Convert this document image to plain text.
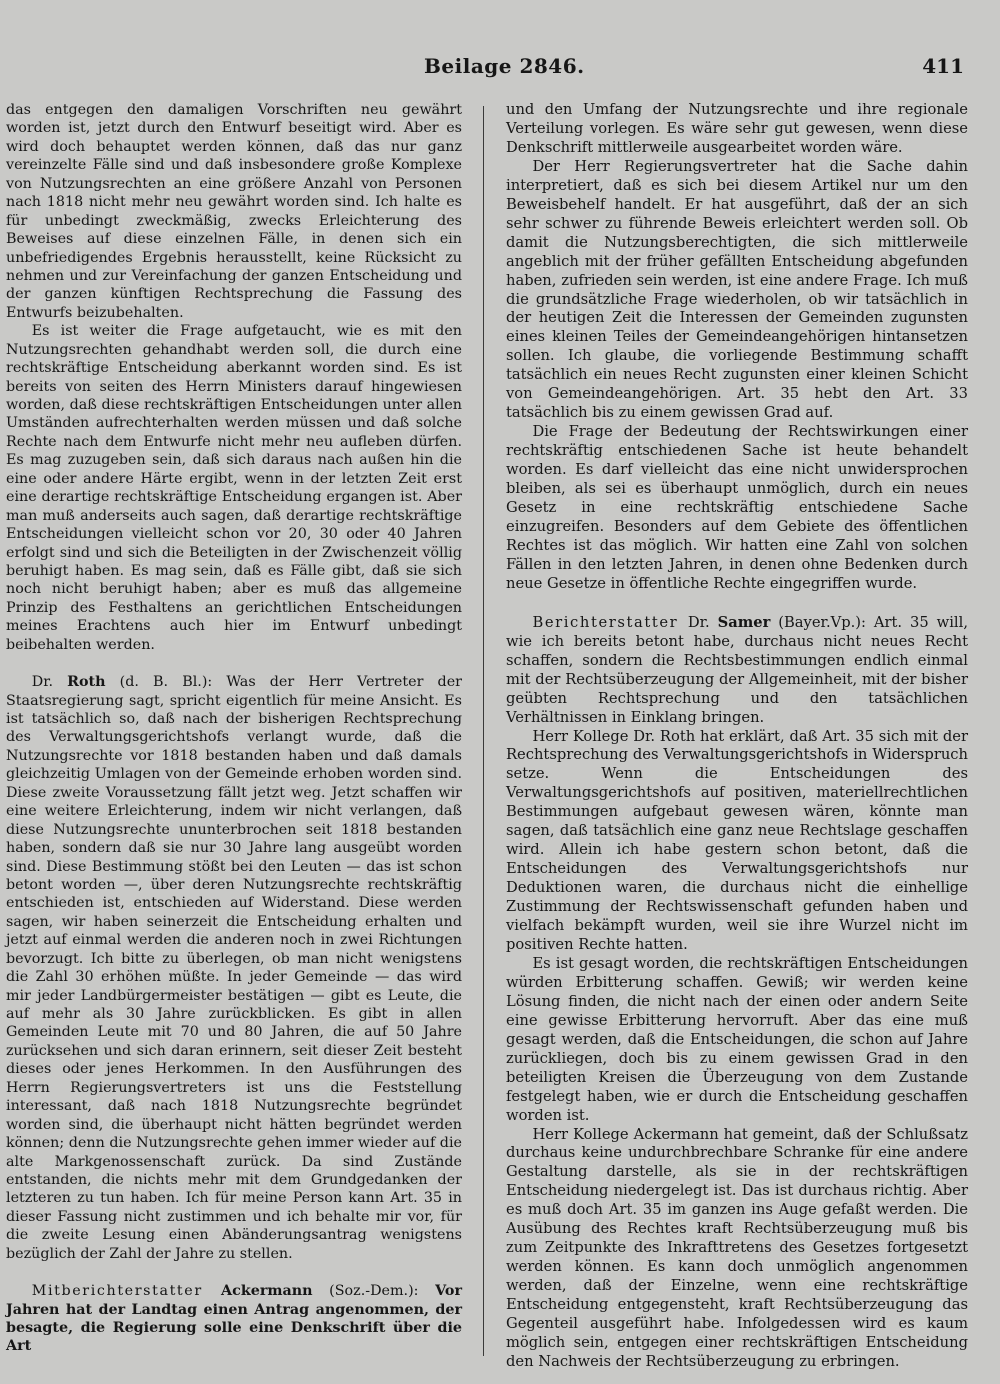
Beilage 2846.	411

das entgegen den damaligen Vorschriften neu gewährt worden ist, jetzt durch den Entwurf beseitigt wird. Aber es wird doch behauptet werden können, daß das nur ganz vereinzelte Fälle sind und daß insbesondere große Komplexe von Nutzungsrechten an eine größere Anzahl von Personen nach 1818 nicht mehr neu gewährt worden sind. Ich halte es für unbedingt zweckmäßig, zwecks Erleichterung des Beweises auf diese einzelnen Fälle, in denen sich ein unbefriedigendes Ergebnis herausstellt, keine Rücksicht zu nehmen und zur Vereinfachung der ganzen Entscheidung und der ganzen künftigen Rechtsprechung die Fassung des Entwurfs beizubehalten.

Es ist weiter die Frage aufgetaucht, wie es mit den Nutzungsrechten gehandhabt werden soll, die durch eine rechtskräftige Entscheidung aberkannt worden sind. Es ist bereits von seiten des Herrn Ministers darauf hingewiesen worden, daß diese rechtskräftigen Entscheidungen unter allen Umständen aufrechterhalten werden müssen und daß solche Rechte nach dem Entwurfe nicht mehr neu aufleben dürfen. Es mag zuzugeben sein, daß sich daraus nach außen hin die eine oder andere Härte ergibt, wenn in der letzten Zeit erst eine derartige rechtskräftige Entscheidung ergangen ist. Aber man muß anderseits auch sagen, daß derartige rechtskräftige Entscheidungen vielleicht schon vor 20, 30 oder 40 Jahren erfolgt sind und sich die Beteiligten in der Zwischenzeit völlig beruhigt haben. Es mag sein, daß es Fälle gibt, daß sie sich noch nicht beruhigt haben; aber es muß das allgemeine Prinzip des Festhaltens an gerichtlichen Entscheidungen meines Erachtens auch hier im Entwurf unbedingt beibehalten werden.

Dr. Roth (d. B. Bl.): Was der Herr Vertreter der Staatsregierung sagt, spricht eigentlich für meine Ansicht. Es ist tatsächlich so, daß nach der bisherigen Rechtsprechung des Verwaltungsgerichtshofs verlangt wurde, daß die Nutzungsrechte vor 1818 bestanden haben und daß damals gleichzeitig Umlagen von der Gemeinde erhoben worden sind. Diese zweite Voraussetzung fällt jetzt weg. Jetzt schaffen wir eine weitere Erleichterung, indem wir nicht verlangen, daß diese Nutzungsrechte ununterbrochen seit 1818 bestanden haben, sondern daß sie nur 30 Jahre lang ausgeübt worden sind. Diese Bestimmung stößt bei den Leuten — das ist schon betont worden —, über deren Nutzungsrechte rechtskräftig entschieden ist, entschieden auf Widerstand. Diese werden sagen, wir haben seinerzeit die Entscheidung erhalten und jetzt auf einmal werden die anderen noch in zwei Richtungen bevorzugt. Ich bitte zu überlegen, ob man nicht wenigstens die Zahl 30 erhöhen müßte. In jeder Gemeinde — das wird mir jeder Landbürgermeister bestätigen — gibt es Leute, die auf mehr als 30 Jahre zurückblicken. Es gibt in allen Gemeinden Leute mit 70 und 80 Jahren, die auf 50 Jahre zurücksehen und sich daran erinnern, seit dieser Zeit besteht dieses oder jenes Herkommen. In den Ausführungen des Herrn Regierungsvertreters ist uns die Feststellung interessant, daß nach 1818 Nutzungsrechte begründet worden sind, die überhaupt nicht hätten begründet werden können; denn die Nutzungsrechte gehen immer wieder auf die alte Markgenossenschaft zurück. Da sind Zustände entstanden, die nichts mehr mit dem Grundgedanken der letzteren zu tun haben. Ich für meine Person kann Art. 35 in dieser Fassung nicht zustimmen und ich behalte mir vor, für die zweite Lesung einen Abänderungsantrag wenigstens bezüglich der Zahl der Jahre zu stellen.

Mitberichterstatter Ackermann (Soz.-Dem.): Vor Jahren hat der Landtag einen Antrag angenommen, der besagte, die Regierung solle eine Denkschrift über die Art

und den Umfang der Nutzungsrechte und ihre regionale Verteilung vorlegen. Es wäre sehr gut gewesen, wenn diese Denkschrift mittlerweile ausgearbeitet worden wäre.

Der Herr Regierungsvertreter hat die Sache dahin interpretiert, daß es sich bei diesem Artikel nur um den Beweisbehelf handelt. Er hat ausgeführt, daß der an sich sehr schwer zu führende Beweis erleichtert werden soll. Ob damit die Nutzungsberechtigten, die sich mittlerweile angeblich mit der früher gefällten Entscheidung abgefunden haben, zufrieden sein werden, ist eine andere Frage. Ich muß die grundsätzliche Frage wiederholen, ob wir tatsächlich in der heutigen Zeit die Interessen der Gemeinden zugunsten eines kleinen Teiles der Gemeindeangehörigen hintansetzen sollen. Ich glaube, die vorliegende Bestimmung schafft tatsächlich ein neues Recht zugunsten einer kleinen Schicht von Gemeindeangehörigen. Art. 35 hebt den Art. 33 tatsächlich bis zu einem gewissen Grad auf.

Die Frage der Bedeutung der Rechtswirkungen einer rechtskräftig entschiedenen Sache ist heute behandelt worden. Es darf vielleicht das eine nicht unwidersprochen bleiben, als sei es überhaupt unmöglich, durch ein neues Gesetz in eine rechtskräftig entschiedene Sache einzugreifen. Besonders auf dem Gebiete des öffentlichen Rechtes ist das möglich. Wir hatten eine Zahl von solchen Fällen in den letzten Jahren, in denen ohne Bedenken durch neue Gesetze in öffentliche Rechte eingegriffen wurde.

Berichterstatter Dr. Samer (Bayer.Vp.): Art. 35 will, wie ich bereits betont habe, durchaus nicht neues Recht schaffen, sondern die Rechtsbestimmungen endlich einmal mit der Rechtsüberzeugung der Allgemeinheit, mit der bisher geübten Rechtsprechung und den tatsächlichen Verhältnissen in Einklang bringen.

Herr Kollege Dr. Roth hat erklärt, daß Art. 35 sich mit der Rechtsprechung des Verwaltungsgerichtshofs in Widerspruch setze. Wenn die Entscheidungen des Verwaltungsgerichtshofs auf positiven, materiellrechtlichen Bestimmungen aufgebaut gewesen wären, könnte man sagen, daß tatsächlich eine ganz neue Rechtslage geschaffen wird. Allein ich habe gestern schon betont, daß die Entscheidungen des Verwaltungsgerichtshofs nur Deduktionen waren, die durchaus nicht die einhellige Zustimmung der Rechtswissenschaft gefunden haben und vielfach bekämpft wurden, weil sie ihre Wurzel nicht im positiven Rechte hatten.

Es ist gesagt worden, die rechtskräftigen Entscheidungen würden Erbitterung schaffen. Gewiß; wir werden keine Lösung finden, die nicht nach der einen oder andern Seite eine gewisse Erbitterung hervorruft. Aber das eine muß gesagt werden, daß die Entscheidungen, die schon auf Jahre zurückliegen, doch bis zu einem gewissen Grad in den beteiligten Kreisen die Überzeugung von dem Zustande festgelegt haben, wie er durch die Entscheidung geschaffen worden ist.

Herr Kollege Ackermann hat gemeint, daß der Schlußsatz durchaus keine undurchbrechbare Schranke für eine andere Gestaltung darstelle, als sie in der rechtskräftigen Entscheidung niedergelegt ist. Das ist durchaus richtig. Aber es muß doch Art. 35 im ganzen ins Auge gefaßt werden. Die Ausübung des Rechtes kraft Rechtsüberzeugung muß bis zum Zeitpunkte des Inkrafttretens des Gesetzes fortgesetzt werden können. Es kann doch unmöglich angenommen werden, daß der Einzelne, wenn eine rechtskräftige Entscheidung entgegensteht, kraft Rechtsüberzeugung das Gegenteil ausgeführt habe. Infolgedessen wird es kaum möglich sein, entgegen einer rechtskräftigen Entscheidung den Nachweis der Rechtsüberzeugung zu erbringen.
